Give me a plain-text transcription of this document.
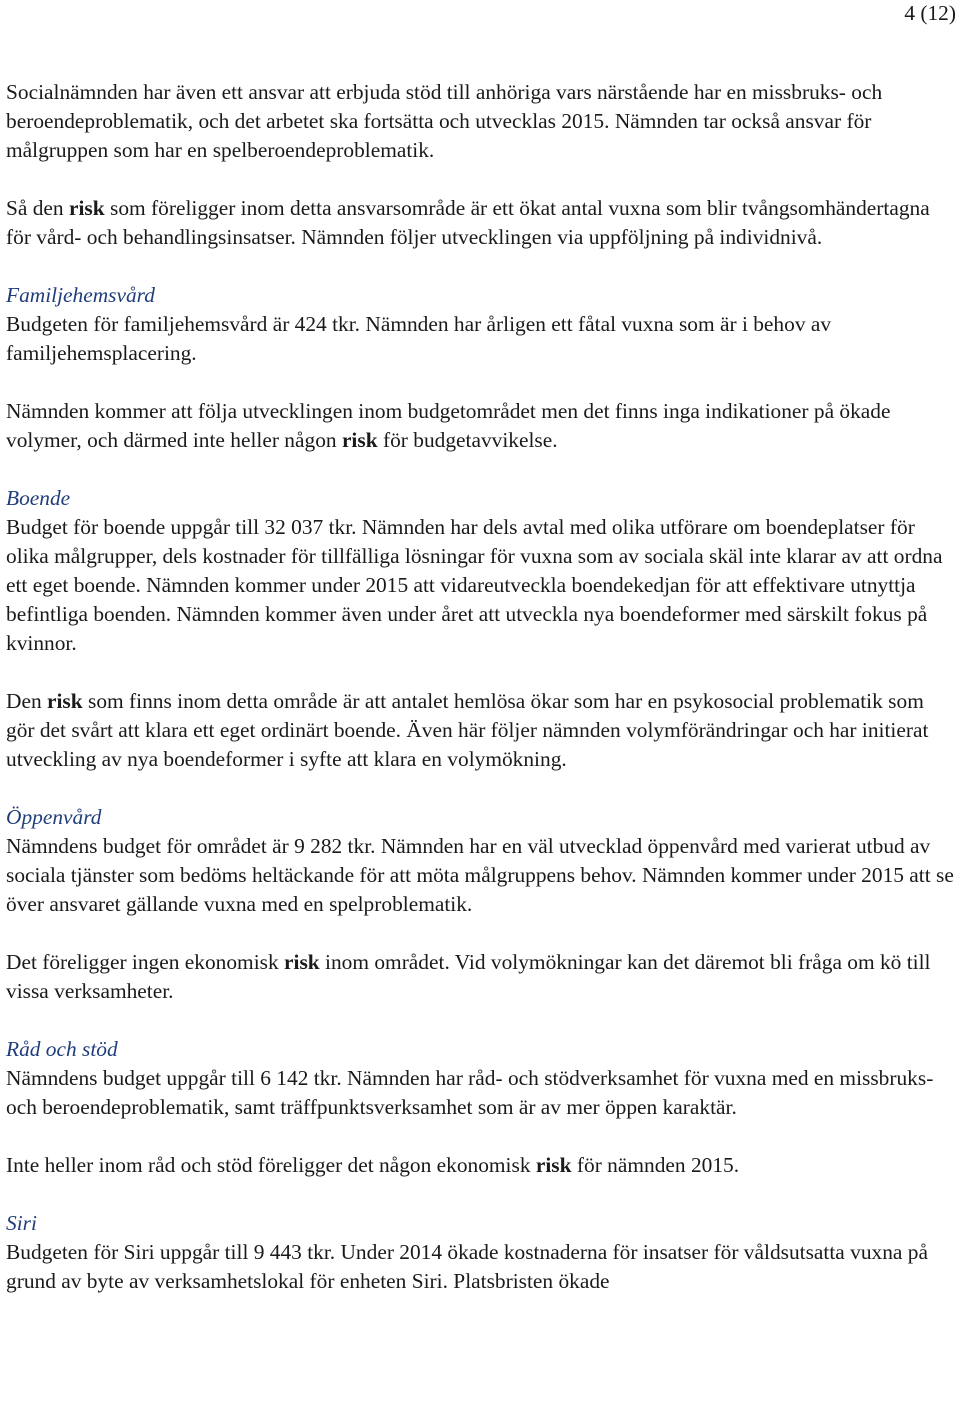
4 (12)

Socialnämnden har även ett ansvar att erbjuda stöd till anhöriga vars närstående har en missbruks- och beroendeproblematik, och det arbetet ska fortsätta och utvecklas 2015. Nämnden tar också ansvar för målgruppen som har en spelberoendeproblematik.

Så den risk som föreligger inom detta ansvarsområde är ett ökat antal vuxna som blir tvångsomhändertagna för vård- och behandlingsinsatser. Nämnden följer utvecklingen via uppföljning på individnivå.

Familjehemsvård

Budgeten för familjehemsvård är 424 tkr. Nämnden har årligen ett fåtal vuxna som är i behov av familjehemsplacering.

Nämnden kommer att följa utvecklingen inom budgetområdet men det finns inga indikationer på ökade volymer, och därmed inte heller någon risk för budgetavvikelse.

Boende

Budget för boende uppgår till 32 037 tkr. Nämnden har dels avtal med olika utförare om boendeplatser för olika målgrupper, dels kostnader för tillfälliga lösningar för vuxna som av sociala skäl inte klarar av att ordna ett eget boende. Nämnden kommer under 2015 att vidareutveckla boendekedjan för att effektivare utnyttja befintliga boenden. Nämnden kommer även under året att utveckla nya boendeformer med särskilt fokus på kvinnor.

Den risk som finns inom detta område är att antalet hemlösa ökar som har en psykosocial problematik som gör det svårt att klara ett eget ordinärt boende. Även här följer nämnden volymförändringar och har initierat utveckling av nya boendeformer i syfte att klara en volymökning.

Öppenvård

Nämndens budget för området är 9 282 tkr. Nämnden har en väl utvecklad öppenvård med varierat utbud av sociala tjänster som bedöms heltäckande för att möta målgruppens behov. Nämnden kommer under 2015 att se över ansvaret gällande vuxna med en spelproblematik.

Det föreligger ingen ekonomisk risk inom området. Vid volymökningar kan det däremot bli fråga om kö till vissa verksamheter.

Råd och stöd

Nämndens budget uppgår till 6 142 tkr. Nämnden har råd- och stödverksamhet för vuxna med en missbruks- och beroendeproblematik, samt träffpunktsverksamhet som är av mer öppen karaktär.

Inte heller inom råd och stöd föreligger det någon ekonomisk risk för nämnden 2015.

Siri

Budgeten för Siri uppgår till 9 443 tkr. Under 2014 ökade kostnaderna för insatser för våldsutsatta vuxna på grund av byte av verksamhetslokal för enheten Siri. Platsbristen ökade
